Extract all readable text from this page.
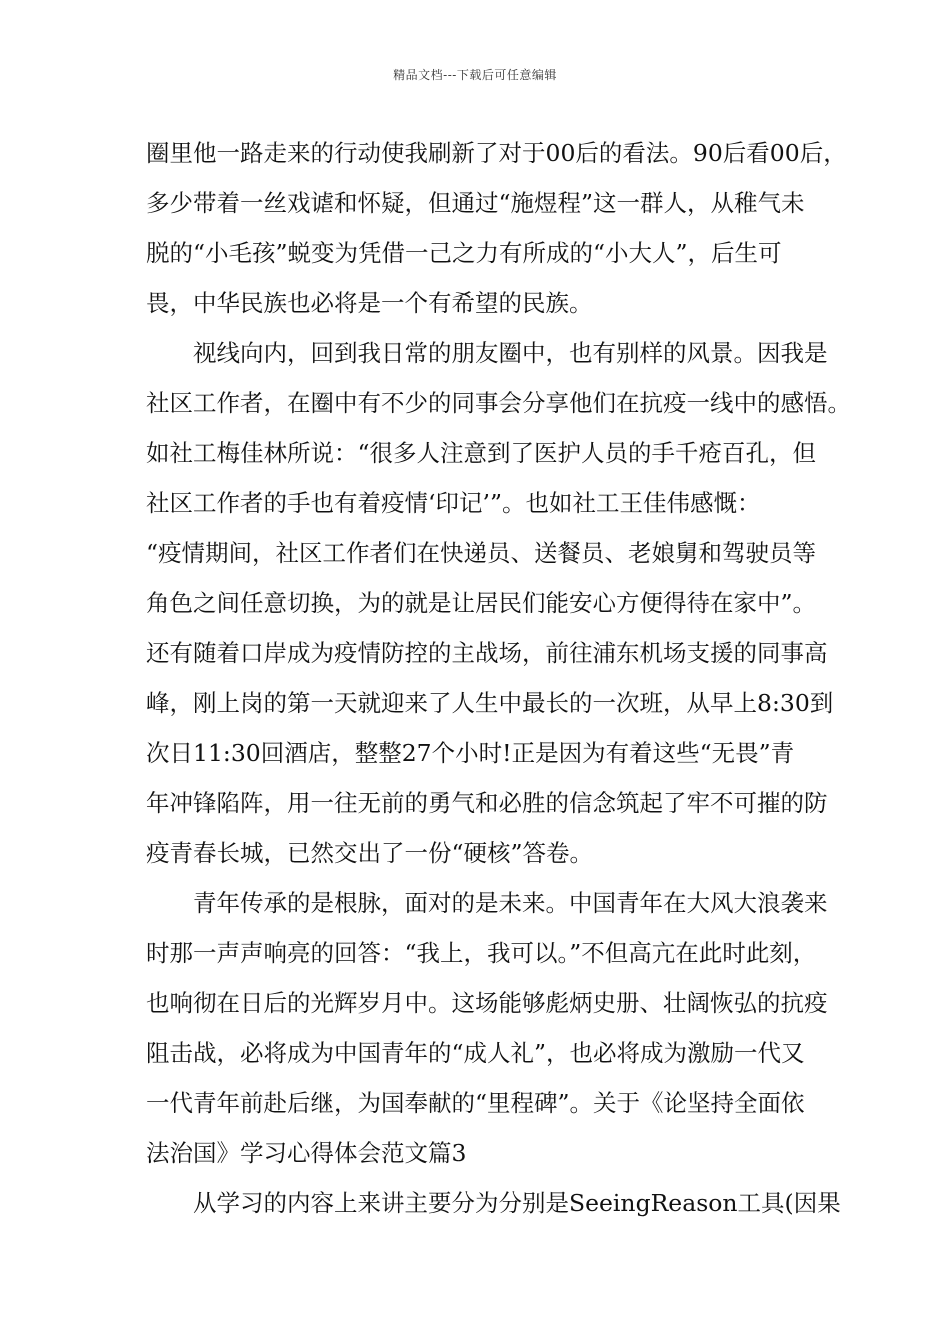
精品文档---下载后可任意编辑

圈里他一路走来的行动使我刷新了对于00后的看法。90后看00后，

多少带着一丝戏谑和怀疑，但通过“施煜程”这一群人，从稚气未

脱的“小毛孩”蜕变为凭借一己之力有所成的“小大人”，后生可

畏，中华民族也必将是一个有希望的民族。

视线向内，回到我日常的朋友圈中，也有别样的风景。因我是

社区工作者，在圈中有不少的同事会分享他们在抗疫一线中的感悟。

如社工梅佳林所说：“很多人注意到了医护人员的手千疮百孔，但

社区工作者的手也有着疫情‘印记’”。也如社工王佳伟感慨：

“疫情期间，社区工作者们在快递员、送餐员、老娘舅和驾驶员等

角色之间任意切换，为的就是让居民们能安心方便得待在家中”。

还有随着口岸成为疫情防控的主战场，前往浦东机场支援的同事高

峰，刚上岗的第一天就迎来了人生中最长的一次班，从早上8:30到

次日11:30回酒店，整整27个小时!正是因为有着这些“无畏”青

年冲锋陷阵，用一往无前的勇气和必胜的信念筑起了牢不可摧的防

疫青春长城，已然交出了一份“硬核”答卷。

青年传承的是根脉，面对的是未来。中国青年在大风大浪袭来

时那一声声响亮的回答：“我上，我可以。”不但高亢在此时此刻，

也响彻在日后的光辉岁月中。这场能够彪炳史册、壮阔恢弘的抗疫

阻击战，必将成为中国青年的“成人礼”，也必将成为激励一代又

一代青年前赴后继，为国奉献的“里程碑”。关于《论坚持全面依

法治国》学习心得体会范文篇3

从学习的内容上来讲主要分为分别是SeeingReason工具(因果
